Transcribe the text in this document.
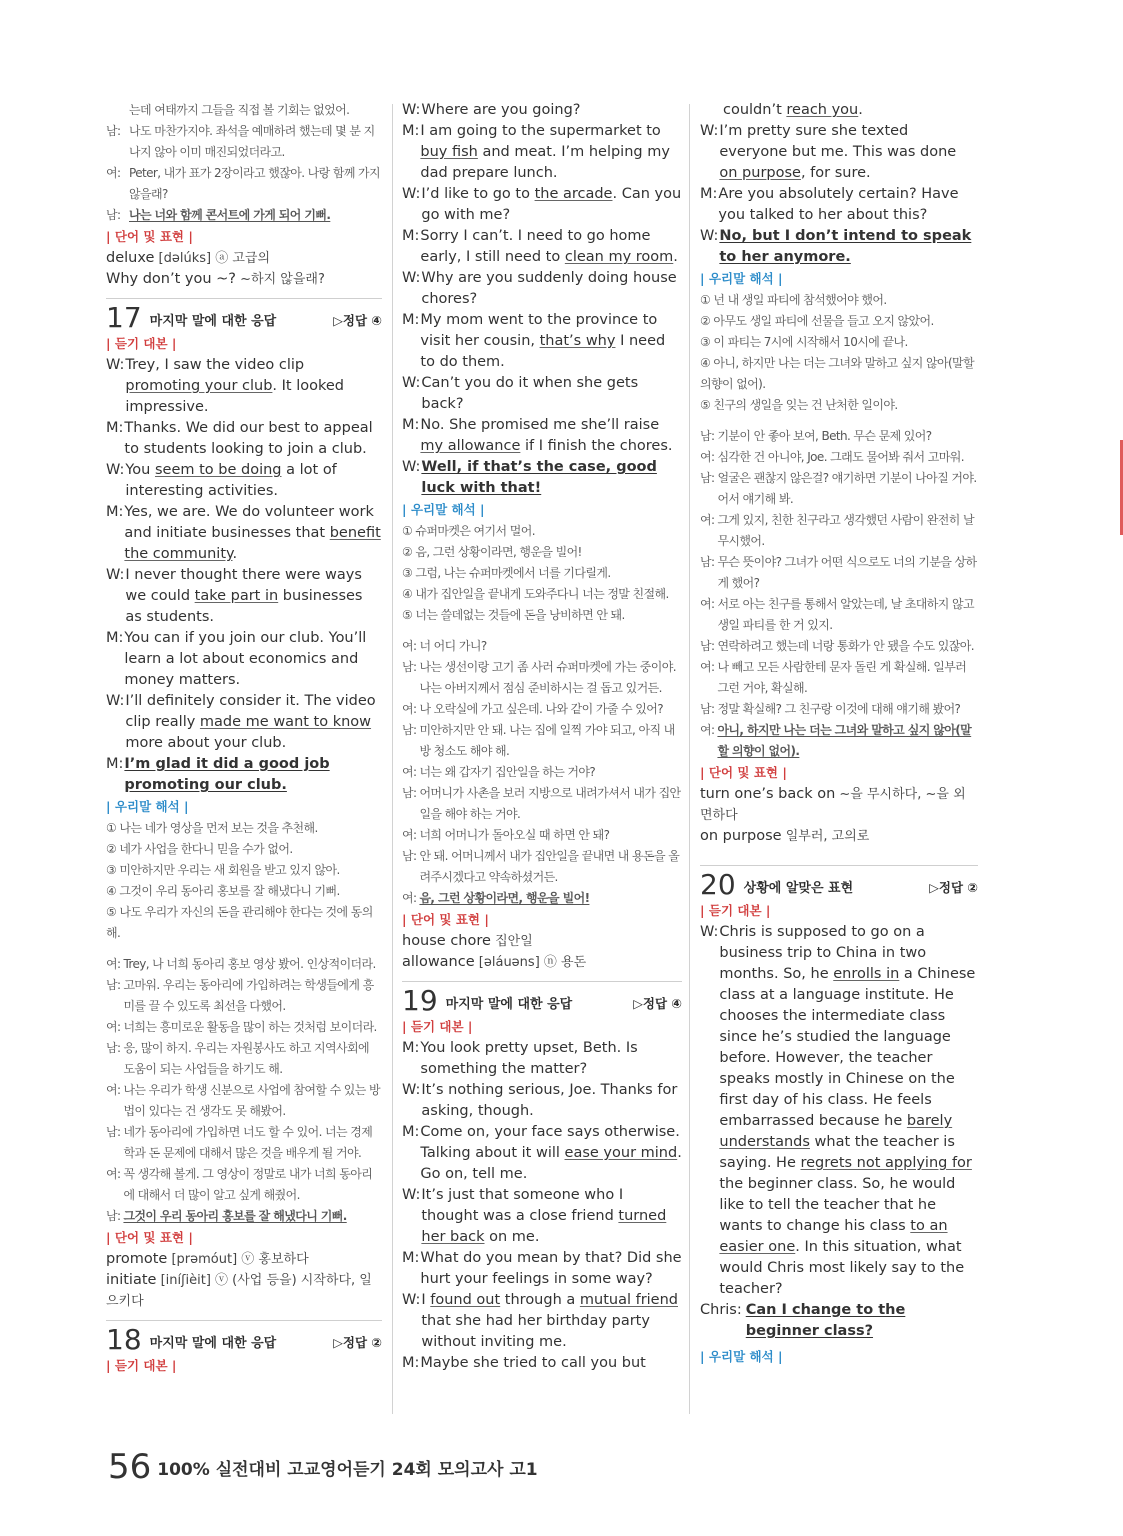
는데 여태까지 그들을 직접 볼 기회는 없었어.
남: 나도 마찬가지야. 좌석을 예매하려 했는데 몇 분 지나지 않아 이미 매진되었더라고.
여: Peter, 내가 표가 2장이라고 했잖아. 나랑 함께 가지 않을래?
남: 나는 너와 함께 콘서트에 가게 되어 기뻐.
| 단어 및 표현 |
deluxe [dəlúks] ⓐ 고급의
Why don’t you ~? ~하지 않을래?
17 마지막 말에 대한 응답	▷정답 ④
| 듣기 대본 |
W: Trey, I saw the video clip promoting your club. It looked impressive.
M: Thanks. We did our best to appeal to students looking to join a club.
W: You seem to be doing a lot of interesting activities.
M: Yes, we are. We do volunteer work and initiate businesses that benefit the community.
W: I never thought there were ways we could take part in businesses as students.
M: You can if you join our club. You’ll learn a lot about economics and money matters.
W: I’ll definitely consider it. The video clip really made me want to know more about your club.
M: I’m glad it did a good job promoting our club.
| 우리말 해석 |
① 나는 네가 영상을 먼저 보는 것을 추천해.
② 네가 사업을 한다니 믿을 수가 없어.
③ 미안하지만 우리는 새 회원을 받고 있지 않아.
④ 그것이 우리 동아리 홍보를 잘 해냈다니 기뻐.
⑤ 나도 우리가 자신의 돈을 관리해야 한다는 것에 동의해.
여: Trey, 나 너희 동아리 홍보 영상 봤어. 인상적이더라.
남: 고마워. 우리는 동아리에 가입하려는 학생들에게 흥미를 끌 수 있도록 최선을 다했어.
여: 너희는 흥미로운 활동을 많이 하는 것처럼 보이더라.
남: 응, 많이 하지. 우리는 자원봉사도 하고 지역사회에 도움이 되는 사업들을 하기도 해.
여: 나는 우리가 학생 신분으로 사업에 참여할 수 있는 방법이 있다는 건 생각도 못 해봤어.
남: 네가 동아리에 가입하면 너도 할 수 있어. 너는 경제학과 돈 문제에 대해서 많은 것을 배우게 될 거야.
여: 꼭 생각해 볼게. 그 영상이 정말로 내가 너희 동아리에 대해서 더 많이 알고 싶게 해줬어.
남: 그것이 우리 동아리 홍보를 잘 해냈다니 기뻐.
| 단어 및 표현 |
promote [prəmóut] ⓥ 홍보하다
initiate [iníʃièit] ⓥ (사업 등을) 시작하다, 일으키다
18 마지막 말에 대한 응답	▷정답 ②
| 듣기 대본 |
W: Where are you going?
M: I am going to the supermarket to buy fish and meat. I’m helping my dad prepare lunch.
W: I’d like to go to the arcade. Can you go with me?
M: Sorry I can’t. I need to go home early, I still need to clean my room.
W: Why are you suddenly doing house chores?
M: My mom went to the province to visit her cousin, that’s why I need to do them.
W: Can’t you do it when she gets back?
M: No. She promised me she’ll raise my allowance if I finish the chores.
W: Well, if that’s the case, good luck with that!
| 우리말 해석 |
① 슈퍼마켓은 여기서 멀어.
② 음, 그런 상황이라면, 행운을 빌어!
③ 그럼, 나는 슈퍼마켓에서 너를 기다릴게.
④ 내가 집안일을 끝내게 도와주다니 너는 정말 친절해.
⑤ 너는 쓸데없는 것들에 돈을 낭비하면 안 돼.
여: 너 어디 가니?
남: 나는 생선이랑 고기 좀 사러 슈퍼마켓에 가는 중이야. 나는 아버지께서 점심 준비하시는 걸 돕고 있거든.
여: 나 오락실에 가고 싶은데. 나와 같이 가줄 수 있어?
남: 미안하지만 안 돼. 나는 집에 일찍 가야 되고, 아직 내 방 청소도 해야 해.
여: 너는 왜 갑자기 집안일을 하는 거야?
남: 어머니가 사촌을 보러 지방으로 내려가셔서 내가 집안일을 해야 하는 거야.
여: 너희 어머니가 돌아오실 때 하면 안 돼?
남: 안 돼. 어머니께서 내가 집안일을 끝내면 내 용돈을 올려주시겠다고 약속하셨거든.
여: 음, 그런 상황이라면, 행운을 빌어!
| 단어 및 표현 |
house chore 집안일
allowance [əláuəns] ⓝ 용돈
19 마지막 말에 대한 응답	▷정답 ④
| 듣기 대본 |
M: You look pretty upset, Beth. Is something the matter?
W: It’s nothing serious, Joe. Thanks for asking, though.
M: Come on, your face says otherwise. Talking about it will ease your mind. Go on, tell me.
W: It’s just that someone who I thought was a close friend turned her back on me.
M: What do you mean by that? Did she hurt your feelings in some way?
W: I found out through a mutual friend that she had her birthday party without inviting me.
M: Maybe she tried to call you but
couldn’t reach you.
W: I’m pretty sure she texted everyone but me. This was done on purpose, for sure.
M: Are you absolutely certain? Have you talked to her about this?
W: No, but I don’t intend to speak to her anymore.
| 우리말 해석 |
① 넌 내 생일 파티에 참석했어야 했어.
② 아무도 생일 파티에 선물을 들고 오지 않았어.
③ 이 파티는 7시에 시작해서 10시에 끝나.
④ 아니, 하지만 나는 더는 그녀와 말하고 싶지 않아(말할 의향이 없어).
⑤ 친구의 생일을 잊는 건 난처한 일이야.
남: 기분이 안 좋아 보여, Beth. 무슨 문제 있어?
여: 심각한 건 아니야, Joe. 그래도 물어봐 줘서 고마워.
남: 얼굴은 괜찮지 않은걸? 얘기하면 기분이 나아질 거야. 어서 얘기해 봐.
여: 그게 있지, 친한 친구라고 생각했던 사람이 완전히 날 무시했어.
남: 무슨 뜻이야? 그녀가 어떤 식으로도 너의 기분을 상하게 했어?
여: 서로 아는 친구를 통해서 알았는데, 날 초대하지 않고 생일 파티를 한 거 있지.
남: 연락하려고 했는데 너랑 통화가 안 됐을 수도 있잖아.
여: 나 빼고 모든 사람한테 문자 돌린 게 확실해. 일부러 그런 거야, 확실해.
남: 정말 확실해? 그 친구랑 이것에 대해 얘기해 봤어?
여: 아니, 하지만 나는 더는 그녀와 말하고 싶지 않아(말할 의향이 없어).
| 단어 및 표현 |
turn one’s back on ~을 무시하다, ~을 외면하다
on purpose 일부러, 고의로
20 상황에 알맞은 표현	▷정답 ②
| 듣기 대본 |
W: Chris is supposed to go on a business trip to China in two months. So, he enrolls in a Chinese class at a language institute. He chooses the intermediate class since he’s studied the language before. However, the teacher speaks mostly in Chinese on the first day of his class. He feels embarrassed because he barely understands what the teacher is saying. He regrets not applying for the beginner class. So, he would like to tell the teacher that he wants to change his class to an easier one. In this situation, what would Chris most likely say to the teacher?
Chris: Can I change to the beginner class?
| 우리말 해석 |
56 100% 실전대비 고교영어듣기 24회 모의고사 고1
